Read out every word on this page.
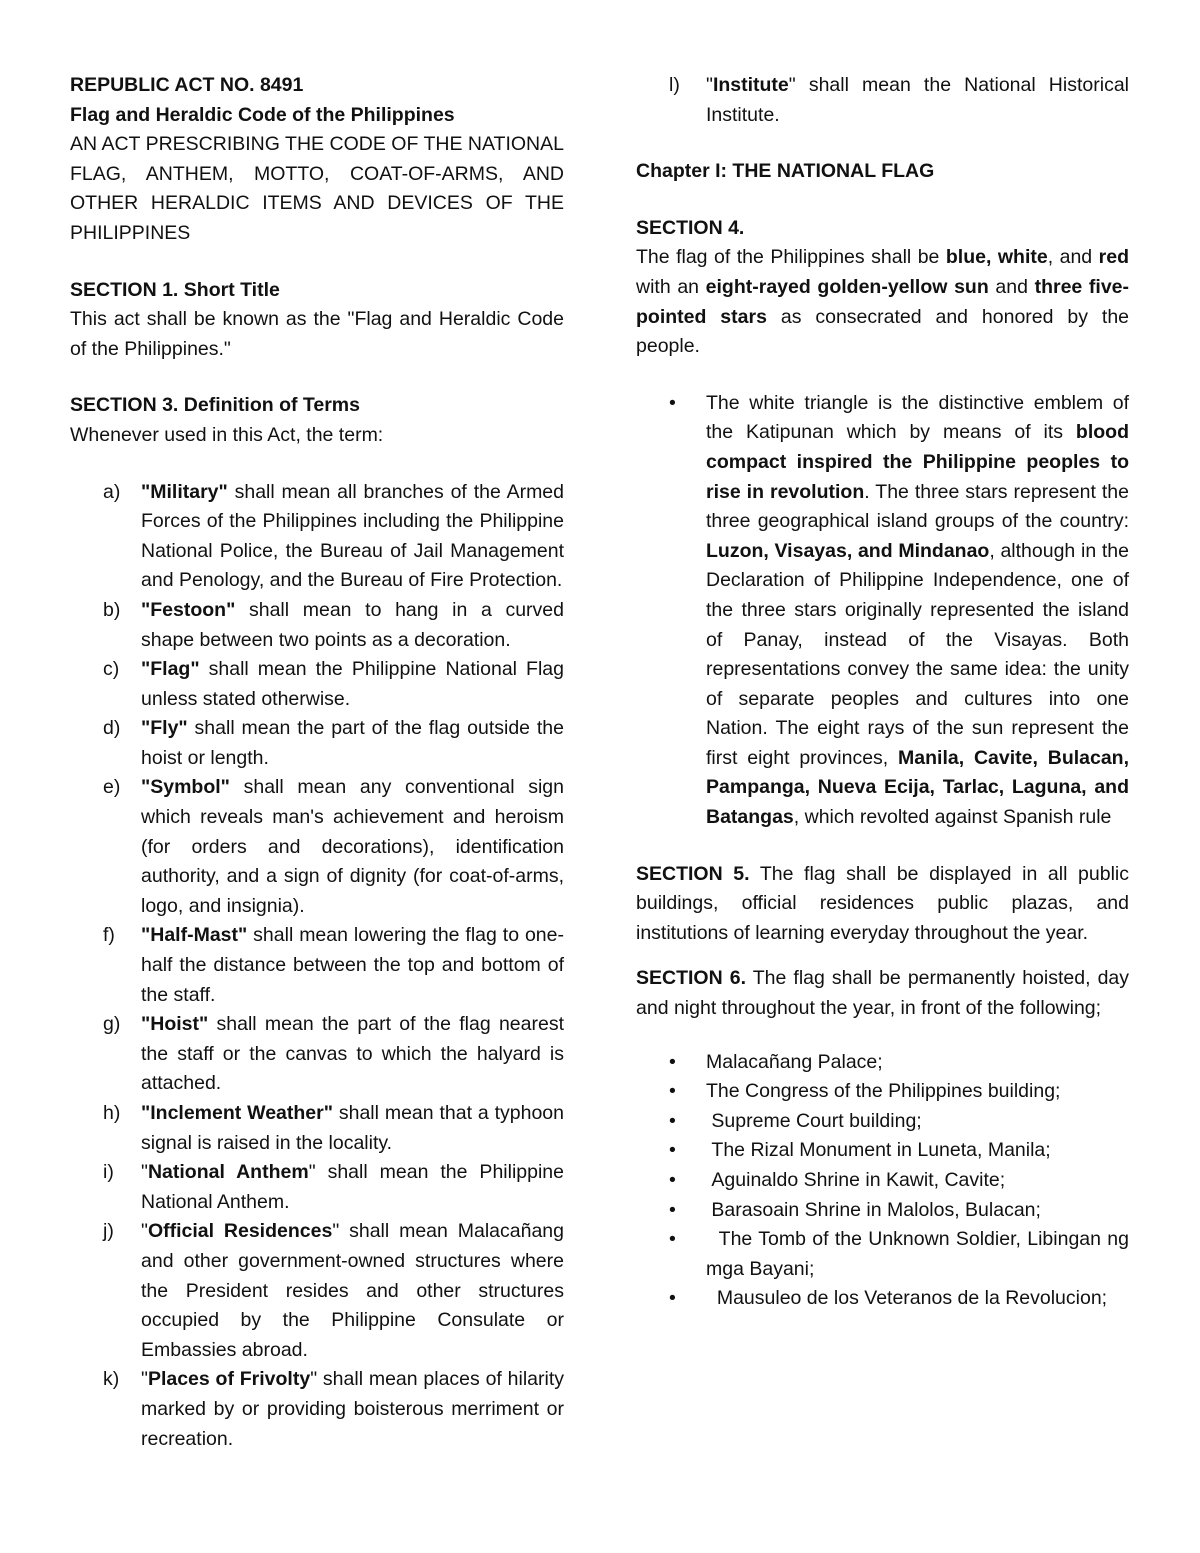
REPUBLIC ACT NO. 8491

Flag and Heraldic Code of the Philippines

AN ACT PRESCRIBING THE CODE OF THE NATIONAL FLAG, ANTHEM, MOTTO, COAT-OF-ARMS, AND OTHER HERALDIC ITEMS AND DEVICES OF THE PHILIPPINES

SECTION 1. Short Title

This act shall be known as the "Flag and Heraldic Code of the Philippines."

SECTION 3. Definition of Terms

Whenever used in this Act, the term:

a) "Military" shall mean all branches of the Armed Forces of the Philippines including the Philippine National Police, the Bureau of Jail Management and Penology, and the Bureau of Fire Protection.
b) "Festoon" shall mean to hang in a curved shape between two points as a decoration.
c) "Flag" shall mean the Philippine National Flag unless stated otherwise.
d) "Fly" shall mean the part of the flag outside the hoist or length.
e) "Symbol" shall mean any conventional sign which reveals man's achievement and heroism (for orders and decorations), identification authority, and a sign of dignity (for coat-of-arms, logo, and insignia).
f) "Half-Mast" shall mean lowering the flag to one-half the distance between the top and bottom of the staff.
g) "Hoist" shall mean the part of the flag nearest the staff or the canvas to which the halyard is attached.
h) "Inclement Weather" shall mean that a typhoon signal is raised in the locality.
i) "National Anthem" shall mean the Philippine National Anthem.
j) "Official Residences" shall mean Malacañang and other government-owned structures where the President resides and other structures occupied by the Philippine Consulate or Embassies abroad.
k) "Places of Frivolty" shall mean places of hilarity marked by or providing boisterous merriment or recreation.
l) "Institute" shall mean the National Historical Institute.

Chapter I: THE NATIONAL FLAG

SECTION 4.

The flag of the Philippines shall be blue, white, and red with an eight-rayed golden-yellow sun and three five-pointed stars as consecrated and honored by the people.

• The white triangle is the distinctive emblem of the Katipunan which by means of its blood compact inspired the Philippine peoples to rise in revolution. The three stars represent the three geographical island groups of the country: Luzon, Visayas, and Mindanao, although in the Declaration of Philippine Independence, one of the three stars originally represented the island of Panay, instead of the Visayas. Both representations convey the same idea: the unity of separate peoples and cultures into one Nation. The eight rays of the sun represent the first eight provinces, Manila, Cavite, Bulacan, Pampanga, Nueva Ecija, Tarlac, Laguna, and Batangas, which revolted against Spanish rule

SECTION 5. The flag shall be displayed in all public buildings, official residences public plazas, and institutions of learning everyday throughout the year.

SECTION 6. The flag shall be permanently hoisted, day and night throughout the year, in front of the following;

• Malacañang Palace;
• The Congress of the Philippines building;
• Supreme Court building;
• The Rizal Monument in Luneta, Manila;
• Aguinaldo Shrine in Kawit, Cavite;
• Barasoain Shrine in Malolos, Bulacan;
• The Tomb of the Unknown Soldier, Libingan ng mga Bayani;
• Mausuleo de los Veteranos de la Revolucion;
